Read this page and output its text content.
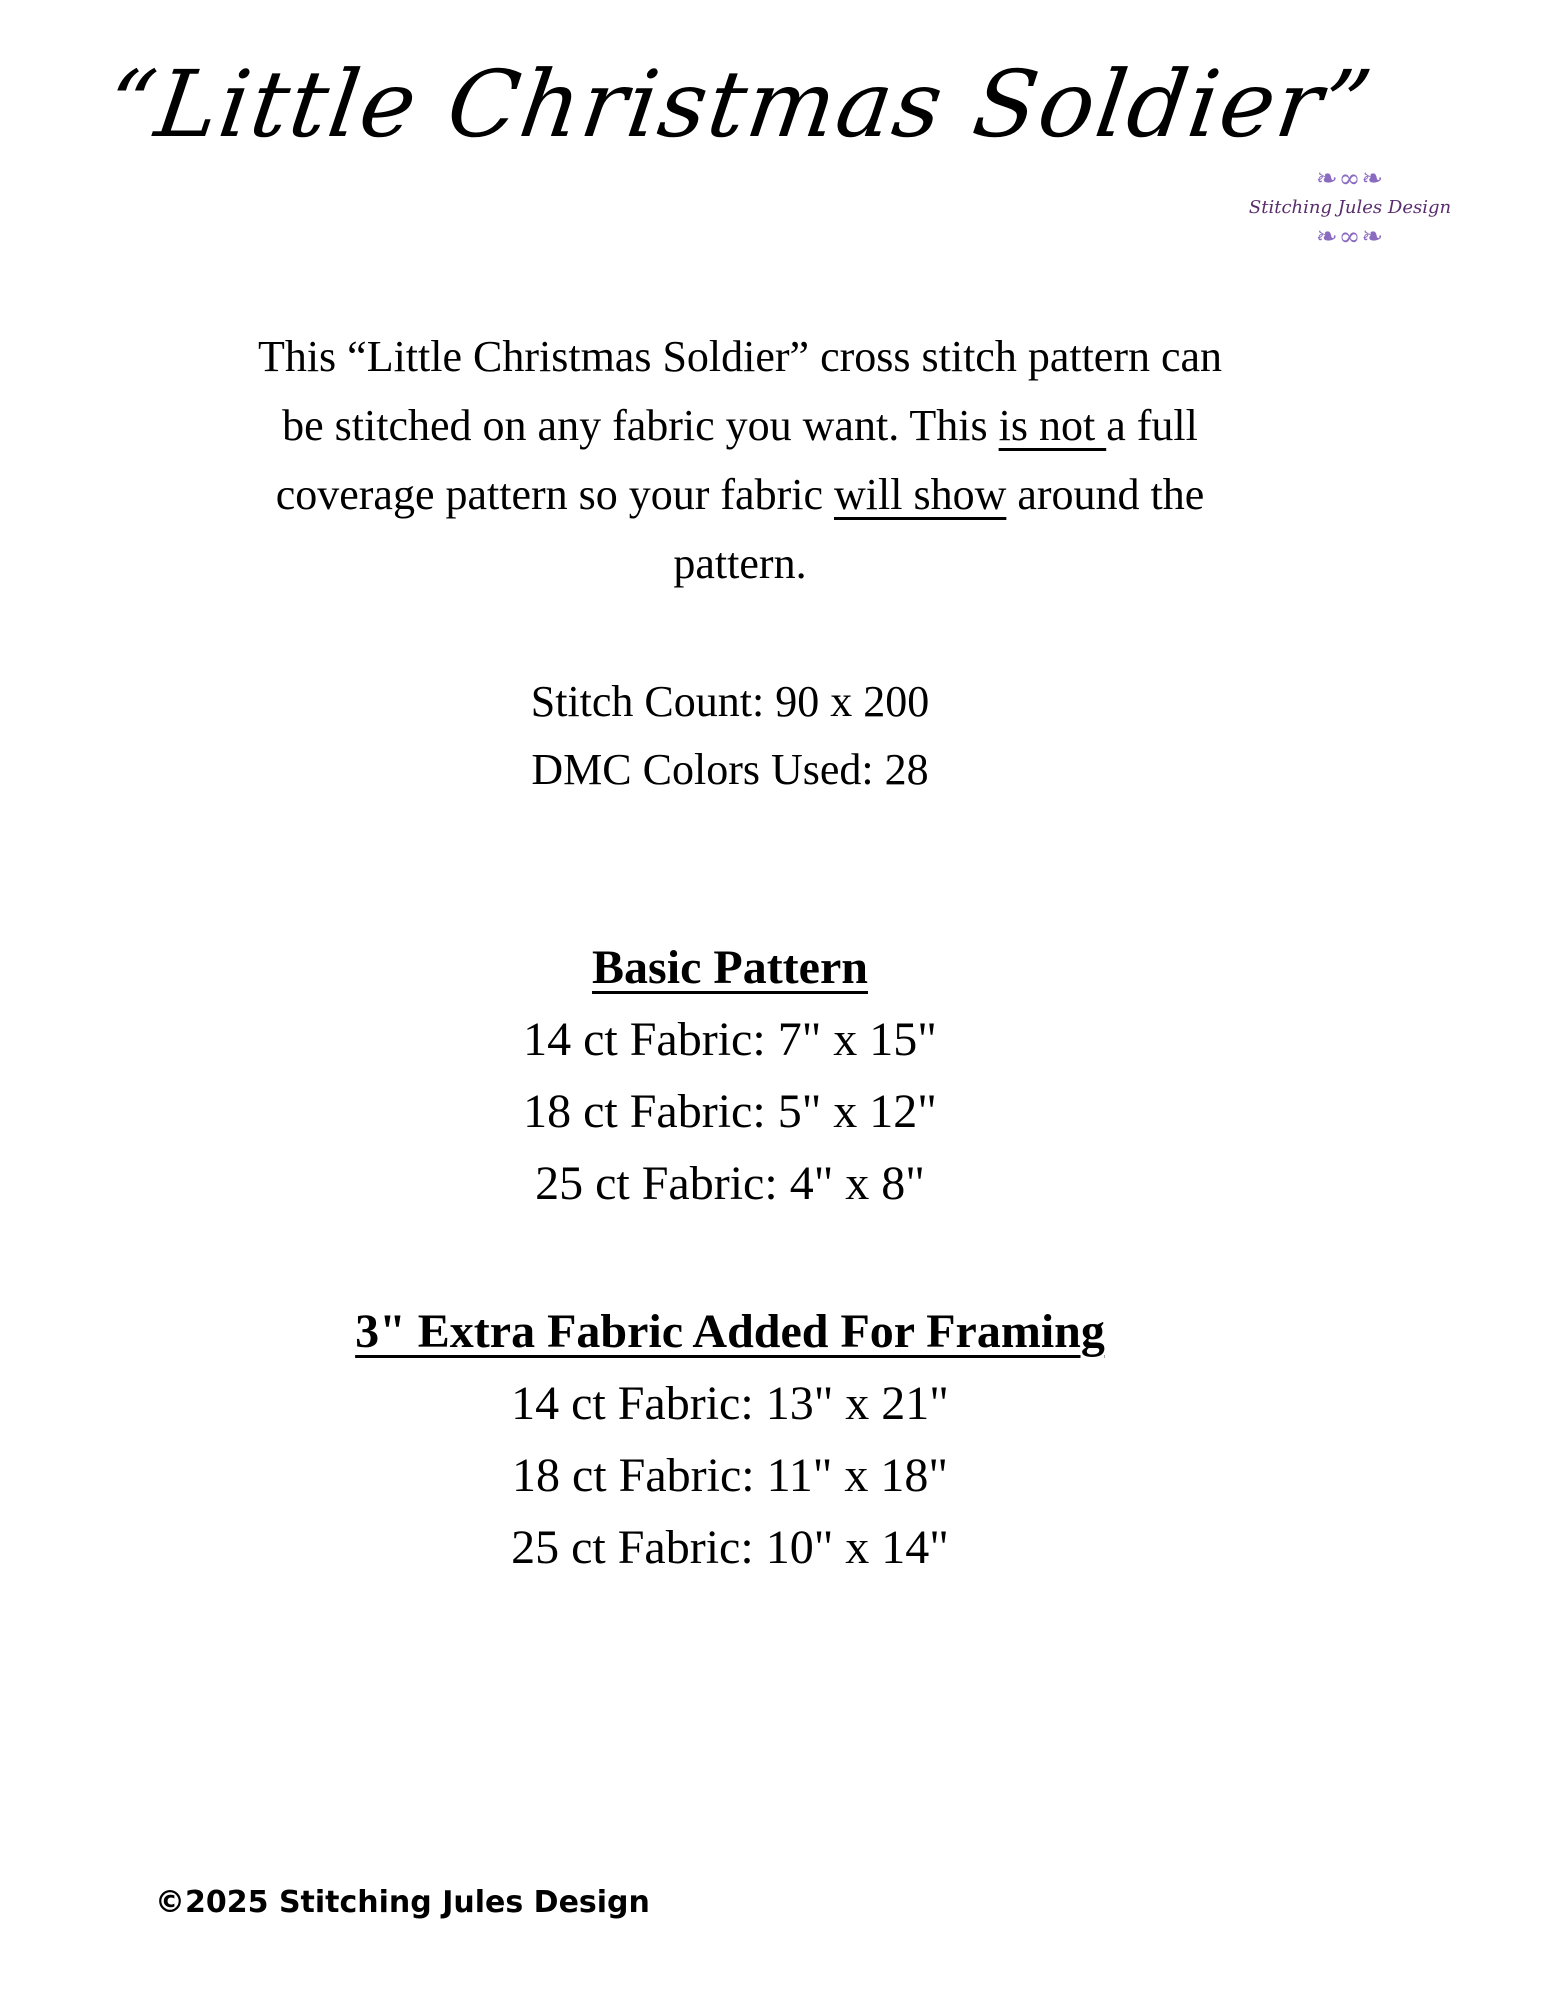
“Little Christmas Soldier”
❧∞❧
Stitching Jules Design
❧∞❧
This “Little Christmas Soldier” cross stitch pattern can
be stitched on any fabric you want. This is not a full
coverage pattern so your fabric will show around the
pattern.
Stitch Count: 90 x 200
DMC Colors Used: 28
Basic Pattern
14 ct Fabric: 7" x 15"
18 ct Fabric: 5" x 12"
25 ct Fabric: 4" x 8"
3" Extra Fabric Added For Framing
14 ct Fabric: 13" x 21"
18 ct Fabric: 11" x 18"
25 ct Fabric: 10" x 14"
©2025 Stitching Jules Design
